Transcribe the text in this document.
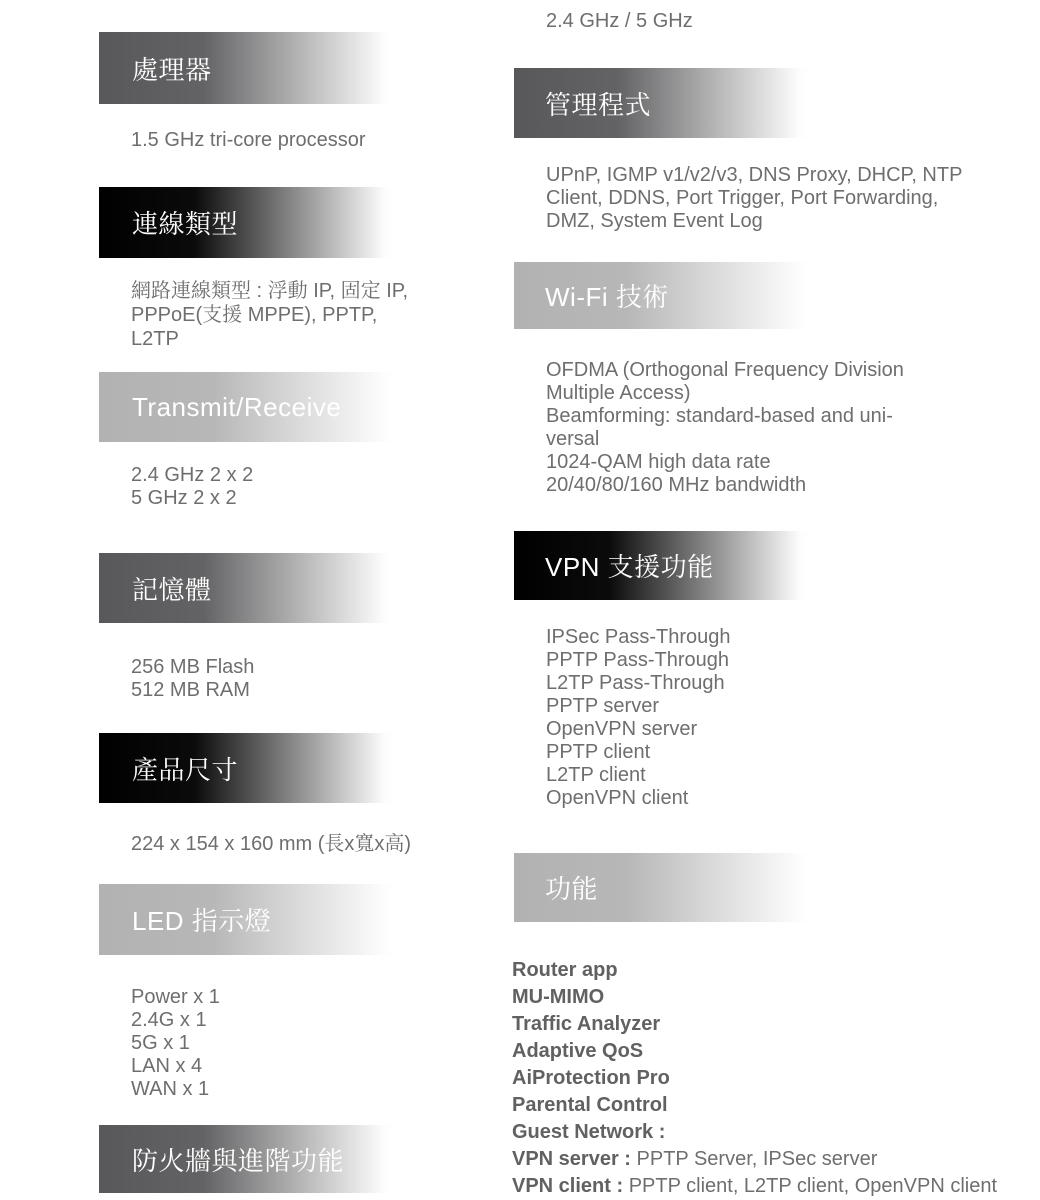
處理器
1.5 GHz tri-core processor
連線類型
網路連線類型 : 浮動 IP, 固定 IP,
PPPoE(支援 MPPE), PPTP,
L2TP
Transmit/Receive
2.4 GHz 2 x 2
5 GHz 2 x 2
記憶體
256 MB Flash
512 MB RAM
產品尺寸
224 x 154 x 160 mm (長x寬x高)
LED 指示燈
Power x 1
2.4G x 1
5G x 1
LAN x 4
WAN x 1
防火牆與進階功能
2.4 GHz / 5 GHz
管理程式
UPnP, IGMP v1/v2/v3, DNS Proxy, DHCP, NTP
Client, DDNS, Port Trigger, Port Forwarding,
DMZ, System Event Log
Wi-Fi 技術
OFDMA (Orthogonal Frequency Division
Multiple Access)
Beamforming: standard-based and uni-
versal
1024-QAM high data rate
20/40/80/160 MHz bandwidth
VPN 支援功能
IPSec Pass-Through
PPTP Pass-Through
L2TP Pass-Through
PPTP server
OpenVPN server
PPTP client
L2TP client
OpenVPN client
功能
Router app
MU-MIMO
Traffic Analyzer
Adaptive QoS
AiProtection Pro
Parental Control
Guest Network :
VPN server : PPTP Server, IPSec server
VPN client : PPTP client, L2TP client, OpenVPN client
